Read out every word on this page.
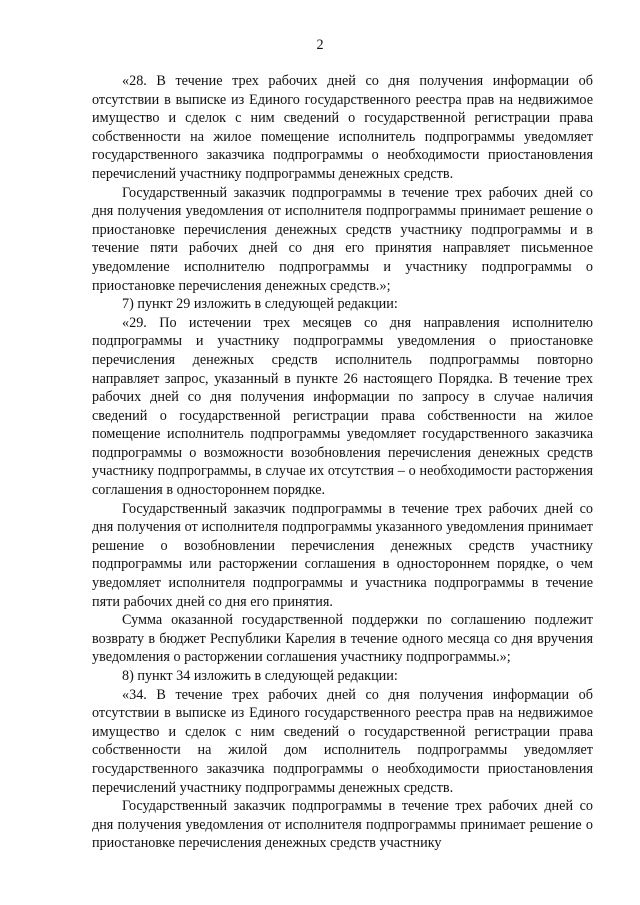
2

«28. В течение трех рабочих дней со дня получения информации об отсутствии в выписке из Единого государственного реестра прав на недвижимое имущество и сделок с ним сведений о государственной регистрации права собственности на жилое помещение исполнитель подпрограммы уведомляет государственного заказчика подпрограммы о необходимости приостановления перечислений участнику подпрограммы денежных средств.

Государственный заказчик подпрограммы в течение трех рабочих дней со дня получения уведомления от исполнителя подпрограммы принимает решение о приостановке перечисления денежных средств участнику подпрограммы и в течение пяти рабочих дней со дня его принятия направляет письменное уведомление исполнителю подпрограммы и участнику подпрограммы о приостановке перечисления денежных средств.»;

7) пункт 29 изложить в следующей редакции:

«29. По истечении трех месяцев со дня направления исполнителю подпрограммы и участнику подпрограммы уведомления о приостановке перечисления денежных средств исполнитель подпрограммы повторно направляет запрос, указанный в пункте 26 настоящего Порядка. В течение трех рабочих дней со дня получения информации по запросу в случае наличия сведений о государственной регистрации права собственности на жилое помещение исполнитель подпрограммы уведомляет государственного заказчика подпрограммы о возможности возобновления перечисления денежных средств участнику подпрограммы, в случае их отсутствия – о необходимости расторжения соглашения в одностороннем порядке.

Государственный заказчик подпрограммы в течение трех рабочих дней со дня получения от исполнителя подпрограммы указанного уведомления принимает решение о возобновлении перечисления денежных средств участнику подпрограммы или расторжении соглашения в одностороннем порядке, о чем уведомляет исполнителя подпрограммы и участника подпрограммы в течение пяти рабочих дней со дня его принятия.

Сумма оказанной государственной поддержки по соглашению подлежит возврату в бюджет Республики Карелия в течение одного месяца со дня вручения уведомления о расторжении соглашения участнику подпрограммы.»;

8) пункт 34 изложить в следующей редакции:

«34. В течение трех рабочих дней со дня получения информации об отсутствии в выписке из Единого государственного реестра прав на недвижимое имущество и сделок с ним сведений о государственной регистрации права собственности на жилой дом исполнитель подпрограммы уведомляет государственного заказчика подпрограммы о необходимости приостановления перечислений участнику подпрограммы денежных средств.

Государственный заказчик подпрограммы в течение трех рабочих дней со дня получения уведомления от исполнителя подпрограммы принимает решение о приостановке перечисления денежных средств участнику
